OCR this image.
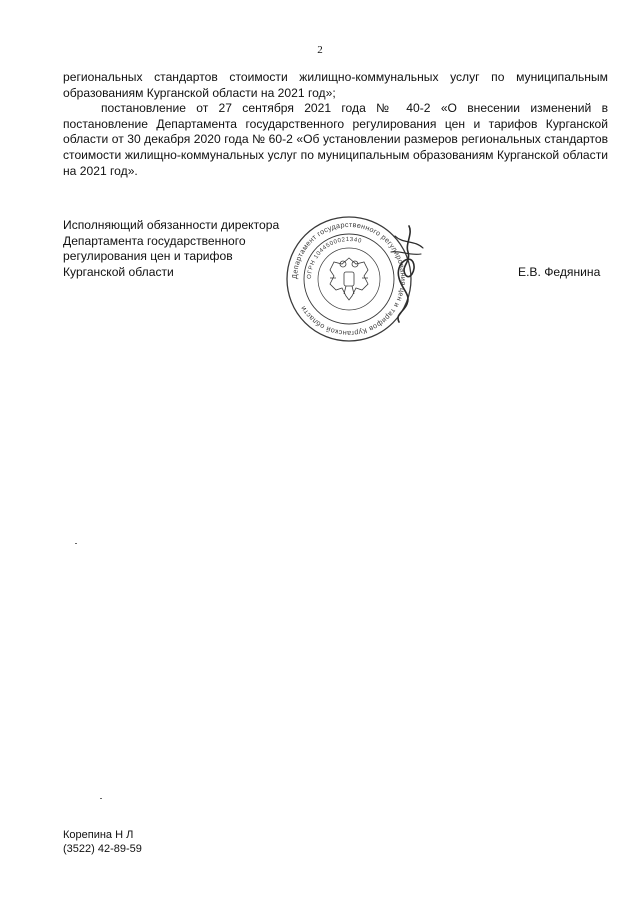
2

региональных стандартов стоимости жилищно-коммунальных услуг по муниципальным образованиям Курганской области на 2021 год»;

постановление от 27 сентября 2021 года № 40-2 «О внесении изменений в постановление Департамента государственного регулирования цен и тарифов Курганской области от 30 декабря 2020 года № 60-2 «Об установлении размеров региональных стандартов стоимости жилищно-коммунальных услуг по муниципальным образованиям Курганской области на 2021 год».

Исполняющий обязанности директора
Департамента государственного
регулирования цен и тарифов
Курганской области	Департамент государственного регулирования цен и тарифов Курганской области
ОГРН 1044500021340
Е.В. Федянина
Корепина Н Л
(3522) 42-89-59
